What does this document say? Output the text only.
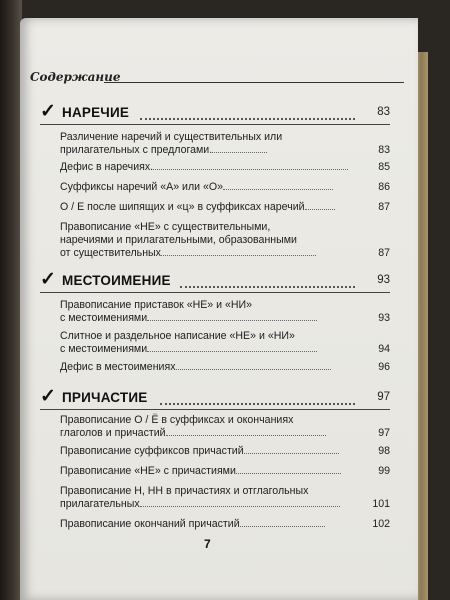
Содержание
✓ НАРЕЧИЕ	83
Различение наречий и существительных или
прилагательных с предлогами.	83
Дефис в наречиях.	85
Суффиксы наречий «А» или «О»	86
О / Е после шипящих и «ц» в суффиксах наречий	87
Правописание «НЕ» с существительными,
наречиями и прилагательными, образованными
от существительных	87
✓ МЕСТОИМЕНИЕ	93
Правописание приставок «НЕ» и «НИ»
с местоимениями	93
Слитное и раздельное написание «НЕ» и «НИ»
с местоимениями	94
Дефис в местоимениях	96
✓ ПРИЧАСТИЕ	97
Правописание О / Ё в суффиксах и окончаниях
глаголов и причастий	97
Правописание суффиксов причастий	98
Правописание «НЕ» с причастиями	99
Правописание Н, НН в причастиях и отглагольных
прилагательных	101
Правописание окончаний причастий	102
7
